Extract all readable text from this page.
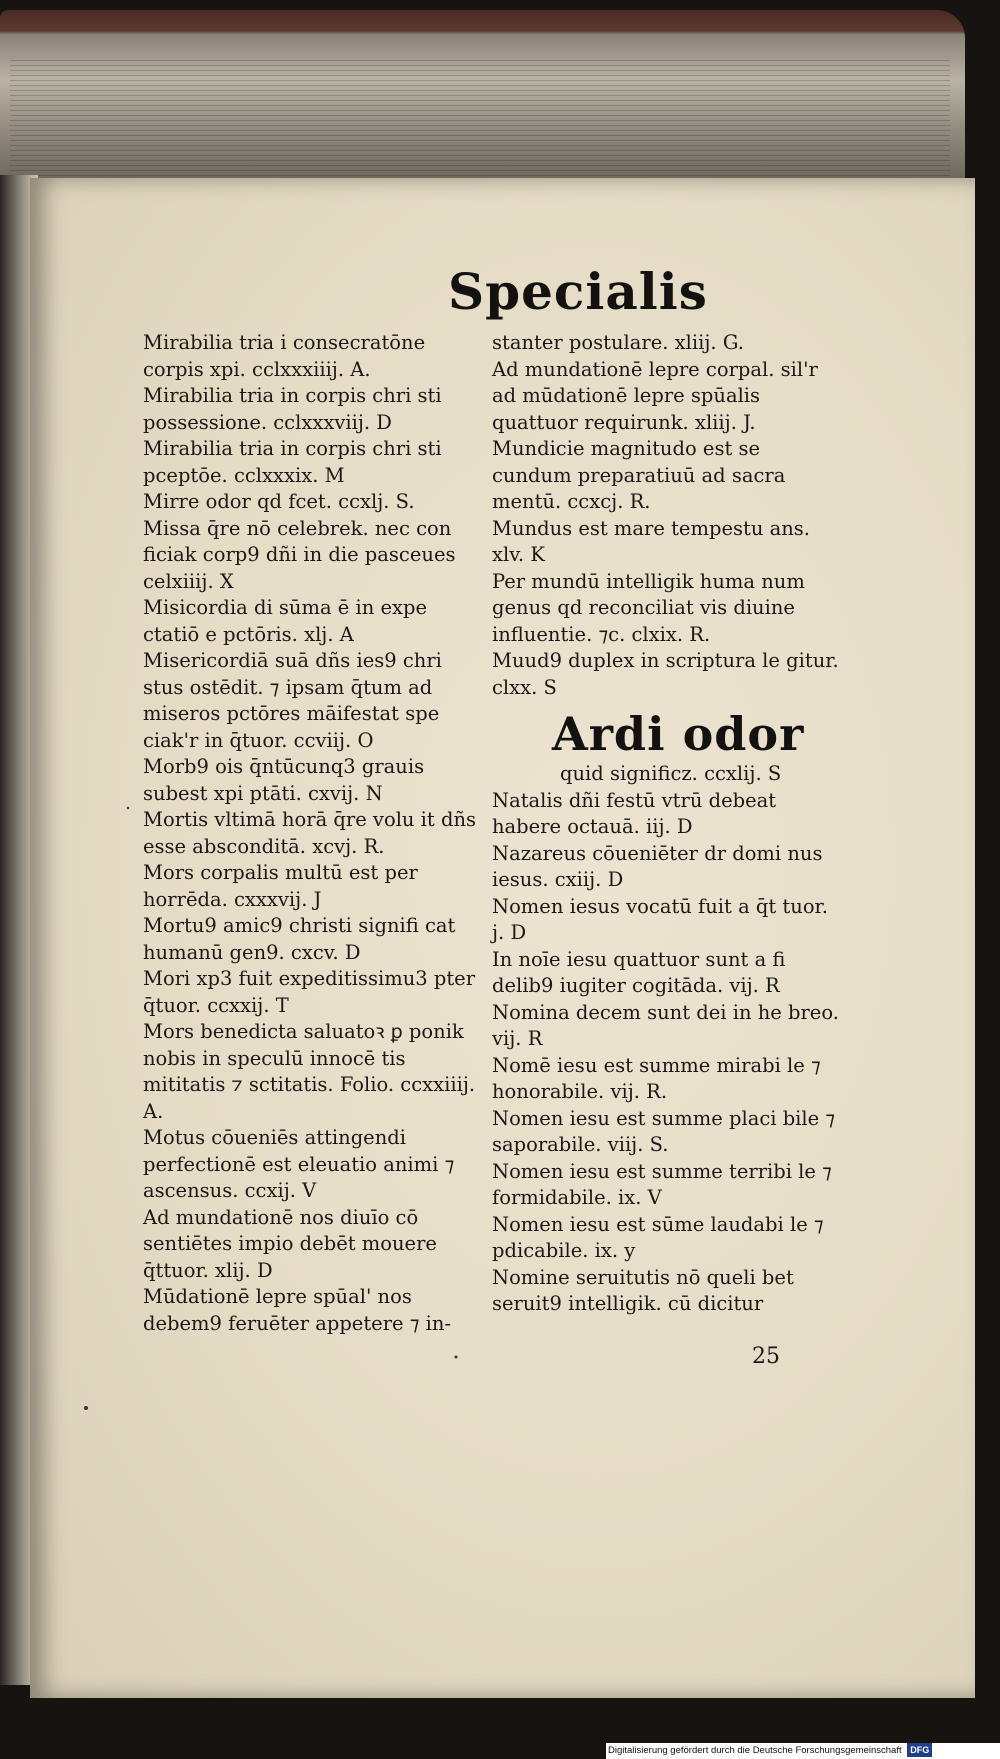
Specialis

Mirabilia tria i consecratōne corpis xpi. cclxxxiiij. A.

Mirabilia tria in corpis chri sti possessione. cclxxxviij. D

Mirabilia tria in corpis chri sti pceptōe. cclxxxix. M

Mirre odor qd fcet. ccxlj. S.

Missa q̄re nō celebrek. nec con ficiak corp9 dñi in die pasceues celxiiij. X

Misicordia di sūma ē in expe ctatiō e pctōris. xlj. A

Misericordiā suā dñs ies9 chri stus ostēdit. ⁊ ipsam q̄tum ad miseros pctōres māifestat spe ciak'r in q̄tuor. ccviij. O

Morb9 ois q̄ntūcunq3 grauis subest xpi ptāti. cxvij. N

Mortis vltimā horā q̄re volu it dñs esse absconditā. xcvj. R.

Mors corpalis multū est per horrēda. cxxxvij. J

Mortu9 amic9 christi signifi cat humanū gen9. cxcv. D

Mori xp3 fuit expeditissimu3 pter q̄tuor. ccxxij. T

Mors benedicta saluatoꝛ ꝑ ponik nobis in speculū innocē tis mititatis ⁊ sctitatis. Folio. ccxxiiij. A.

Motus cōueniēs attingendi perfectionē est eleuatio animi ⁊ ascensus. ccxij. V

Ad mundationē nos diuīo cō sentiētes impio debēt mouere q̄ttuor. xlij. D

Mūdationē lepre spūal' nos debem9 feruēter appetere ⁊ in-

stanter postulare. xliij. G.

Ad mundationē lepre corpal. sil'r ad mūdationē lepre spūalis quattuor requirunk. xliij. J.

Mundicie magnitudo est se cundum preparatiuū ad sacra mentū. ccxcj. R.

Mundus est mare tempestu ans. xlv. K

Per mundū intelligik huma num genus qd reconciliat vis diuine influentie. ⁊c. clxix. R.

Muud9 duplex in scriptura le gitur. clxx. S

Ardi odor

quid significz. ccxlij. S

Natalis dñi festū vtrū debeat habere octauā. iij. D

Nazareus cōueniēter dr domi nus iesus. cxiij. D

Nomen iesus vocatū fuit a q̄t tuor. j. D

In noīe iesu quattuor sunt a fi delib9 iugiter cogitāda. vij. R

Nomina decem sunt dei in he breo. vij. R

Nomē iesu est summe mirabi le ⁊ honorabile. vij. R.

Nomen iesu est summe placi bile ⁊ saporabile. viij. S.

Nomen iesu est summe terribi le ⁊ formidabile. ix. V

Nomen iesu est sūme laudabi le ⁊ pdicabile. ix. y

Nomine seruitutis nō queli bet seruit9 intelligik. cū dicitur

25
Digitalisierung gefördert durch die Deutsche Forschungsgemeinschaft DFG
